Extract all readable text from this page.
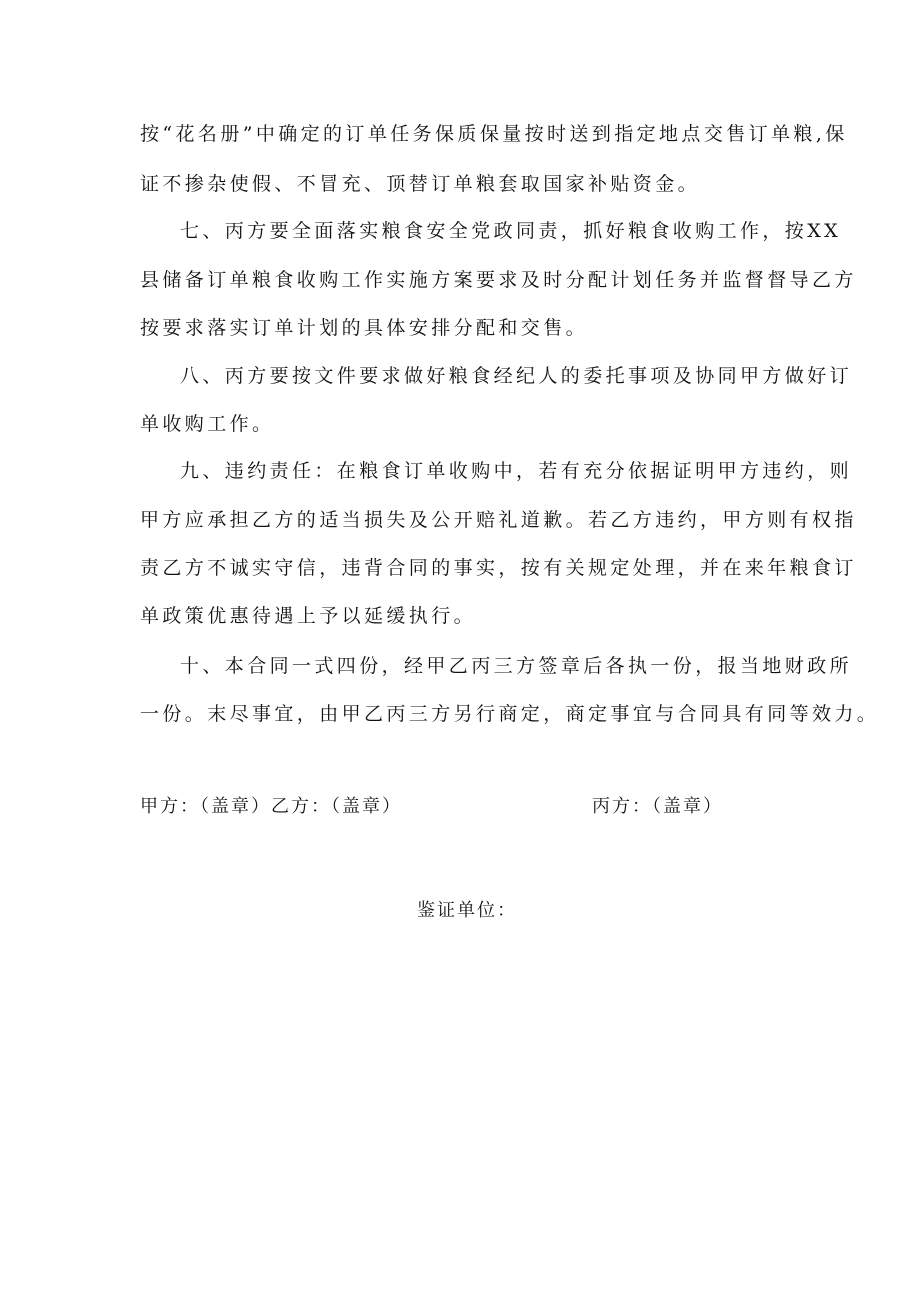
按“花名册”中确定的订单任务保质保量按时送到指定地点交售订单粮,保
证不掺杂使假、不冒充、顶替订单粮套取国家补贴资金。
七、丙方要全面落实粮食安全党政同责，抓好粮食收购工作，按XX
县储备订单粮食收购工作实施方案要求及时分配计划任务并监督督导乙方
按要求落实订单计划的具体安排分配和交售。
八、丙方要按文件要求做好粮食经纪人的委托事项及协同甲方做好订
单收购工作。
九、违约责任：在粮食订单收购中，若有充分依据证明甲方违约，则
甲方应承担乙方的适当损失及公开赔礼道歉。若乙方违约，甲方则有权指
责乙方不诚实守信，违背合同的事实，按有关规定处理，并在来年粮食订
单政策优惠待遇上予以延缓执行。
十、本合同一式四份，经甲乙丙三方签章后各执一份，报当地财政所
一份。末尽事宜，由甲乙丙三方另行商定，商定事宜与合同具有同等效力。
甲方：（盖章）乙方：（盖章）	丙方：（盖章）
鉴证单位：
